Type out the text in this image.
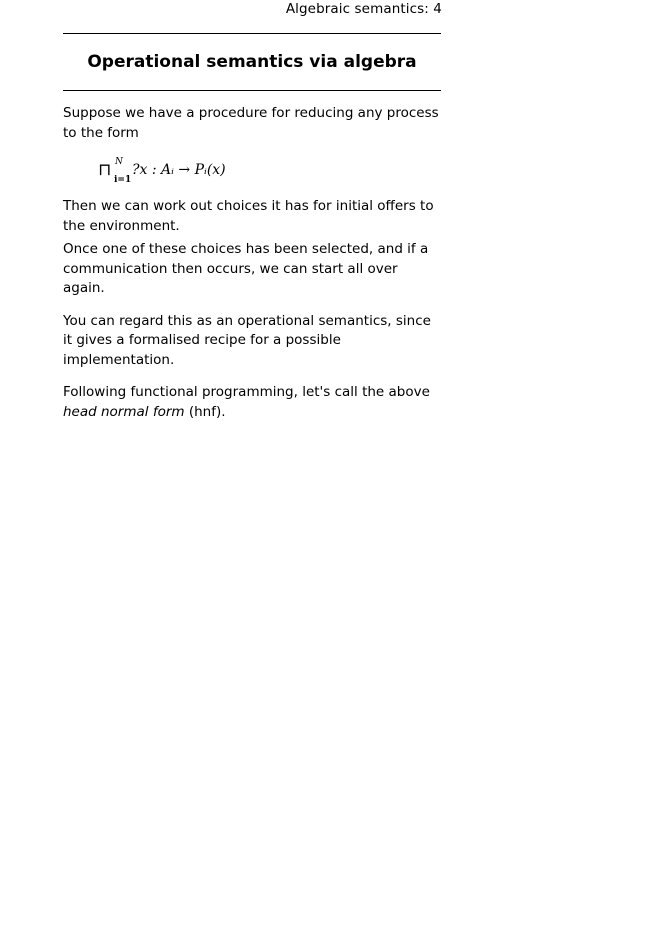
Algebraic semantics: 4
Operational semantics via algebra

Suppose we have a procedure for reducing any process to the form

⊓ N
i=1
?x : Aᵢ → Pᵢ(x)

Then we can work out choices it has for initial offers to the environment.

Once one of these choices has been selected, and if a communication then occurs, we can start all over again.

You can regard this as an operational semantics, since it gives a formalised recipe for a possible implementation.

Following functional programming, let's call the above head normal form (hnf).
